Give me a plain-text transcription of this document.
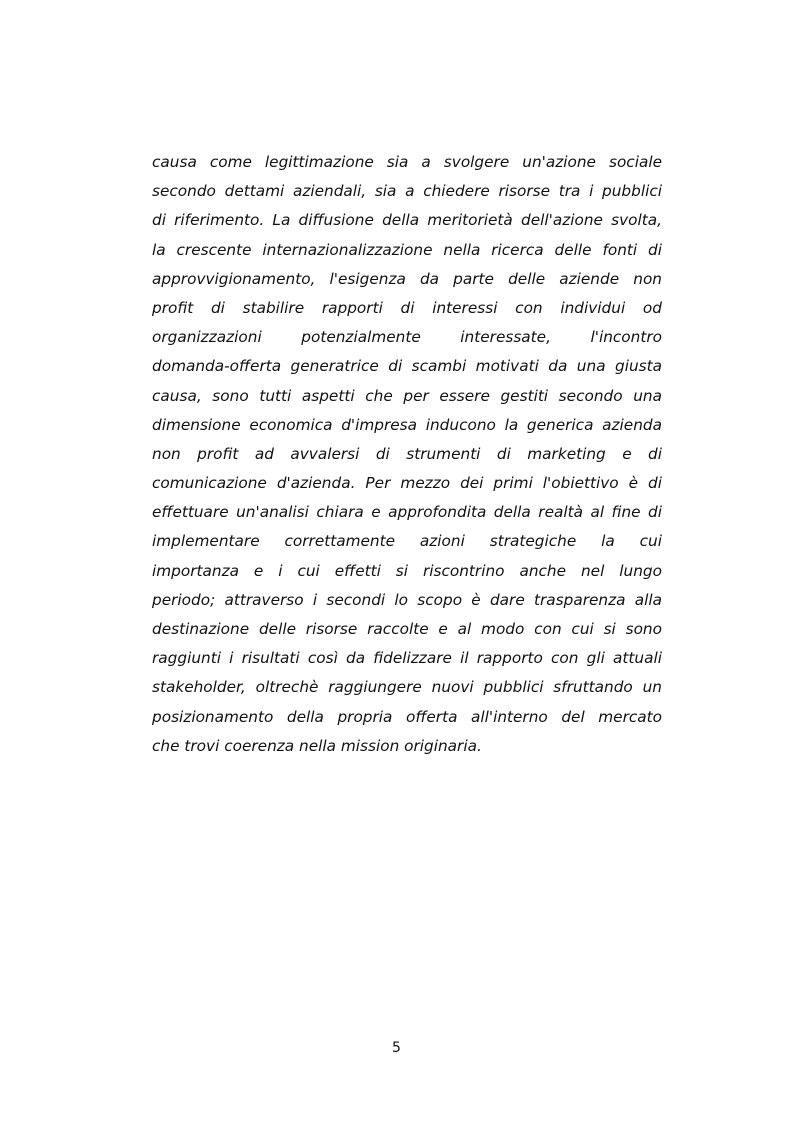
causa come legittimazione sia a svolgere un'azione sociale
secondo dettami aziendali, sia a chiedere risorse tra i pubblici
di riferimento. La diffusione della meritorietà dell'azione svolta,
la crescente internazionalizzazione nella ricerca delle fonti di
approvvigionamento, l'esigenza da parte delle aziende non
profit di stabilire rapporti di interessi con individui od
organizzazioni potenzialmente interessate, l'incontro
domanda-offerta generatrice di scambi motivati da una giusta
causa, sono tutti aspetti che per essere gestiti secondo una
dimensione economica d'impresa inducono la generica azienda
non profit ad avvalersi di strumenti di marketing e di
comunicazione d'azienda. Per mezzo dei primi l'obiettivo è di
effettuare un'analisi chiara e approfondita della realtà al fine di
implementare correttamente azioni strategiche la cui
importanza e i cui effetti si riscontrino anche nel lungo
periodo; attraverso i secondi lo scopo è dare trasparenza alla
destinazione delle risorse raccolte e al modo con cui si sono
raggiunti i risultati così da fidelizzare il rapporto con gli attuali
stakeholder, oltrechè raggiungere nuovi pubblici sfruttando un
posizionamento della propria offerta all'interno del mercato
che trovi coerenza nella mission originaria.
5
